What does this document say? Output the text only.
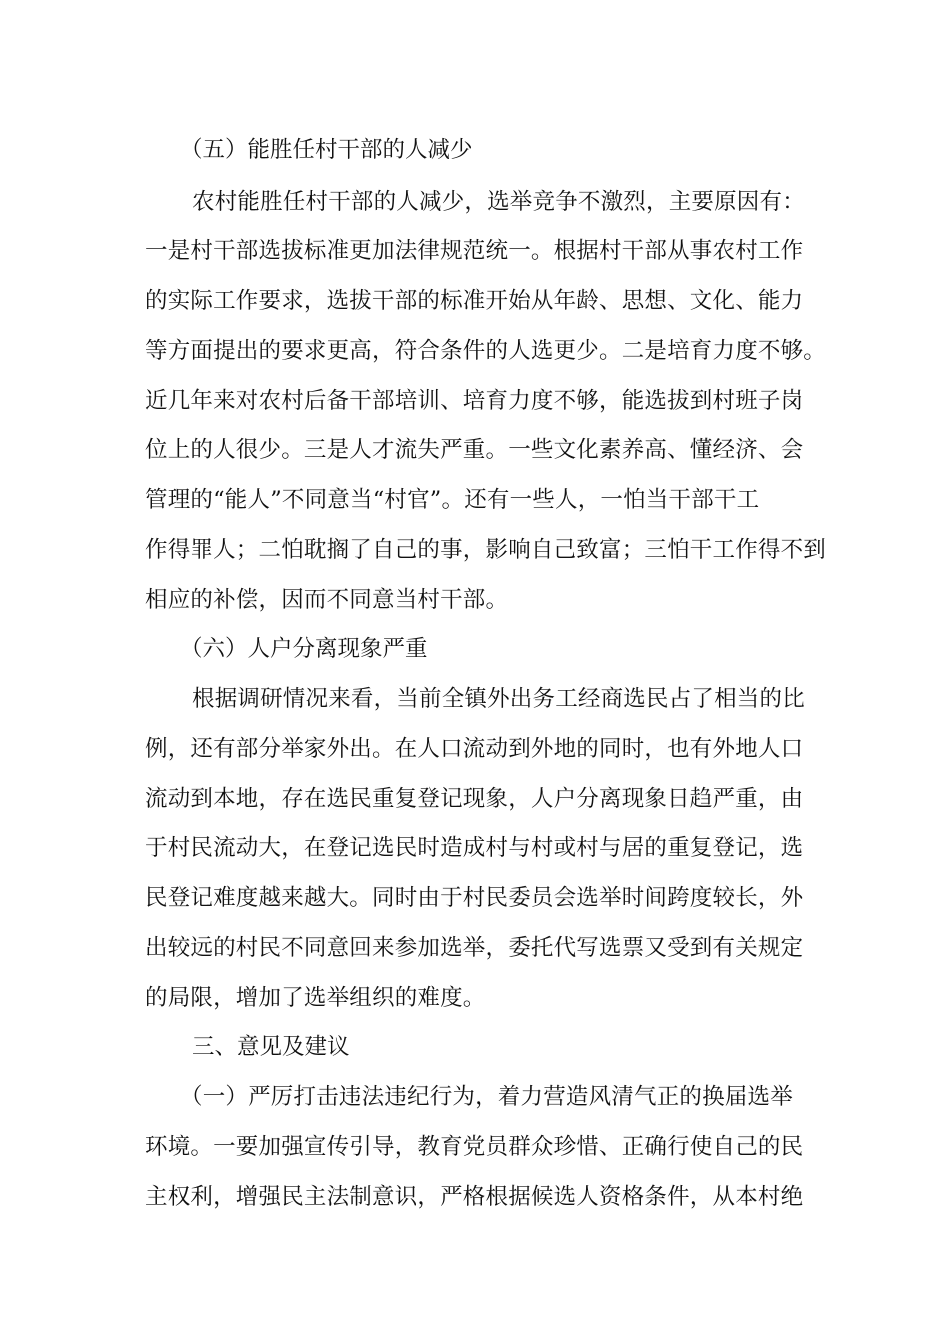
（五）能胜任村干部的人减少
农村能胜任村干部的人减少，选举竞争不激烈，主要原因有：
一是村干部选拔标准更加法律规范统一。根据村干部从事农村工作
的实际工作要求，选拔干部的标准开始从年龄、思想、文化、能力
等方面提出的要求更高，符合条件的人选更少。二是培育力度不够。
近几年来对农村后备干部培训、培育力度不够，能选拔到村班子岗
位上的人很少。三是人才流失严重。一些文化素养高、懂经济、会
管理的“能人”不同意当“村官”。还有一些人，一怕当干部干工
作得罪人；二怕耽搁了自己的事，影响自己致富；三怕干工作得不到
相应的补偿，因而不同意当村干部。
（六）人户分离现象严重
根据调研情况来看，当前全镇外出务工经商选民占了相当的比
例，还有部分举家外出。在人口流动到外地的同时，也有外地人口
流动到本地，存在选民重复登记现象，人户分离现象日趋严重，由
于村民流动大，在登记选民时造成村与村或村与居的重复登记，选
民登记难度越来越大。同时由于村民委员会选举时间跨度较长，外
出较远的村民不同意回来参加选举，委托代写选票又受到有关规定
的局限，增加了选举组织的难度。
三、意见及建议
（一）严厉打击违法违纪行为，着力营造风清气正的换届选举
环境。一要加强宣传引导，教育党员群众珍惜、正确行使自己的民
主权利，增强民主法制意识，严格根据候选人资格条件，从本村绝
